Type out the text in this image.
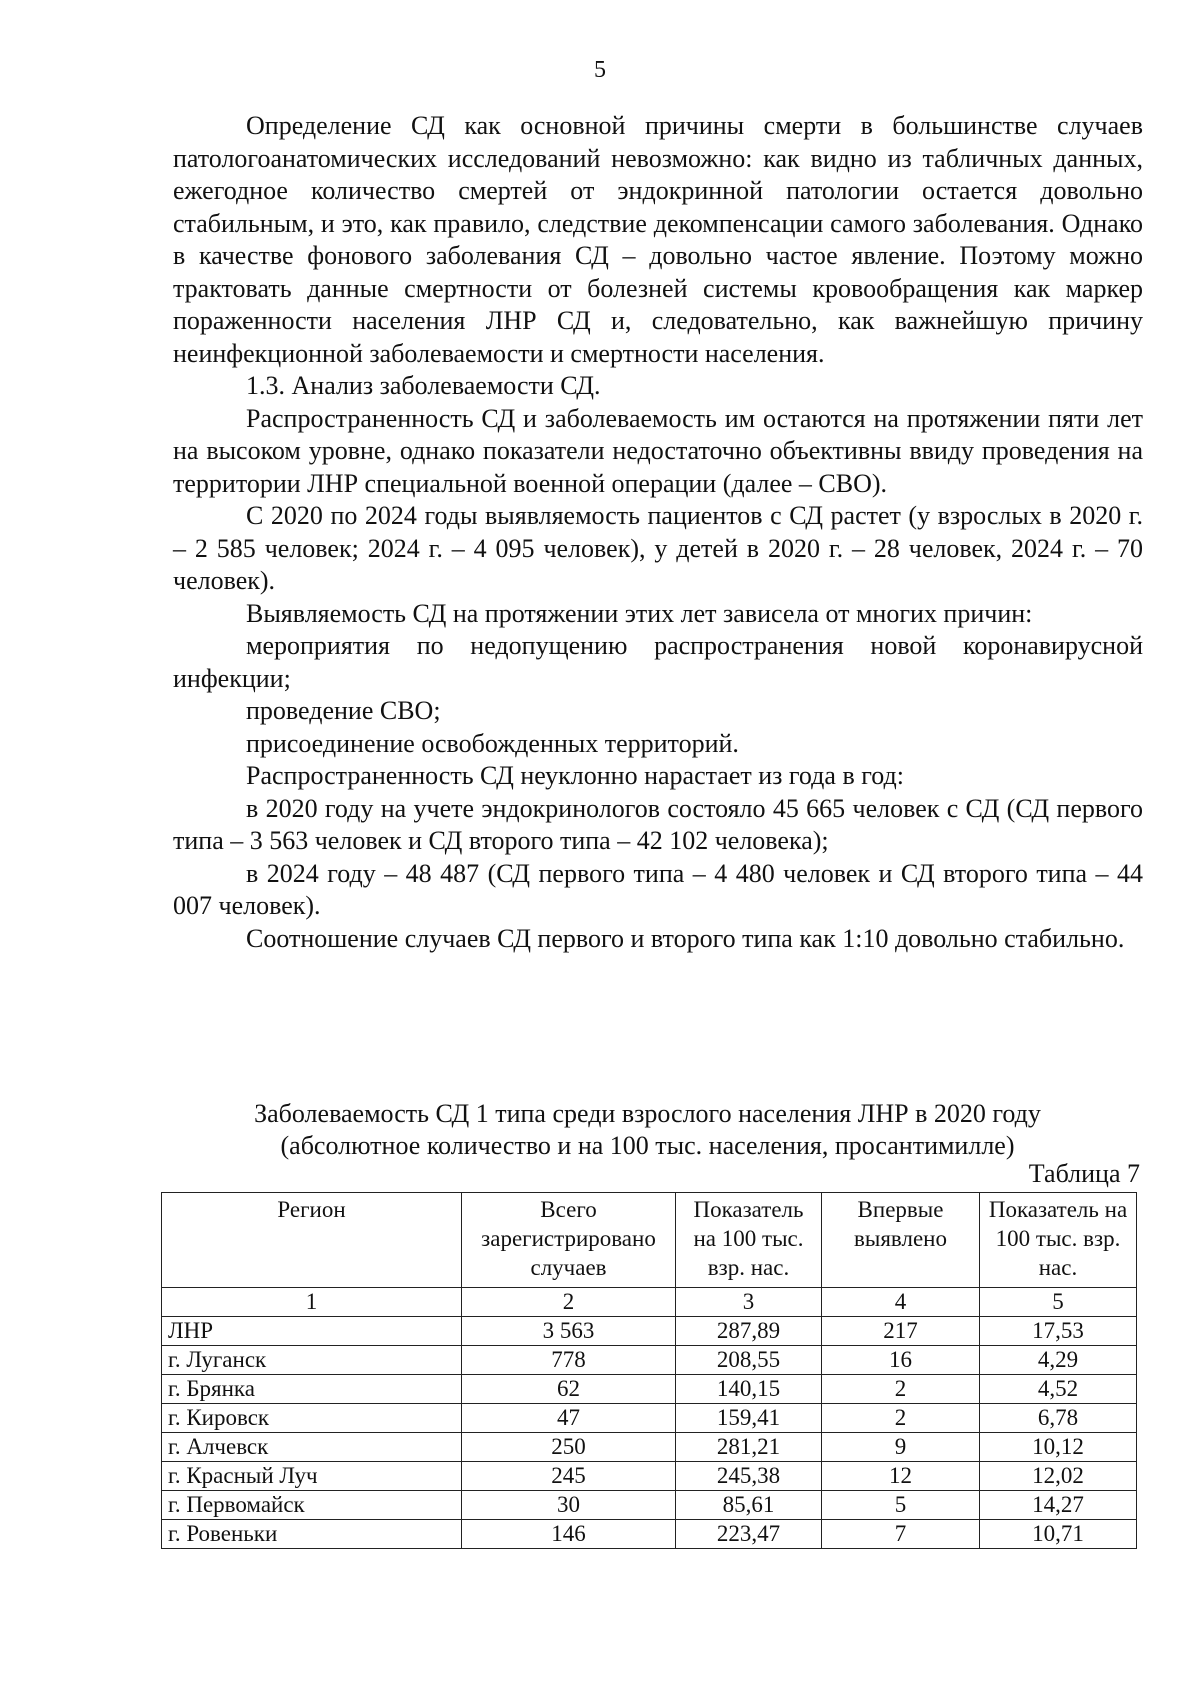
5

Определение СД как основной причины смерти в большинстве случаев патологоанатомических исследований невозможно: как видно из табличных данных, ежегодное количество смертей от эндокринной патологии остается довольно стабильным, и это, как правило, следствие декомпенсации самого заболевания. Однако в качестве фонового заболевания СД – довольно частое явление. Поэтому можно трактовать данные смертности от болезней системы кровообращения как маркер пораженности населения ЛНР СД и, следовательно, как важнейшую причину неинфекционной заболеваемости и смертности населения.

1.3. Анализ заболеваемости СД.

Распространенность СД и заболеваемость им остаются на протяжении пяти лет на высоком уровне, однако показатели недостаточно объективны ввиду проведения на территории ЛНР специальной военной операции (далее – СВО).

С 2020 по 2024 годы выявляемость пациентов с СД растет (у взрослых в 2020 г. – 2 585 человек; 2024 г. – 4 095 человек), у детей в 2020 г. – 28 человек, 2024 г. – 70 человек).

Выявляемость СД на протяжении этих лет зависела от многих причин:

мероприятия по недопущению распространения новой коронавирусной инфекции;

проведение СВО;

присоединение освобожденных территорий.

Распространенность СД неуклонно нарастает из года в год:

в 2020 году на учете эндокринологов состояло 45 665 человек с СД (СД первого типа – 3 563 человек и СД второго типа – 42 102 человека);

в 2024 году – 48 487 (СД первого типа – 4 480 человек и СД второго типа – 44 007 человек).

Соотношение случаев СД первого и второго типа как 1:10 довольно стабильно.

Заболеваемость СД 1 типа среди взрослого населения ЛНР в 2020 году
(абсолютное количество и на 100 тыс. населения, просантимилле)
Таблица 7
Регион	Всего зарегистрировано случаев	Показатель на 100 тыс. взр. нас.	Впервые выявлено	Показатель на 100 тыс. взр. нас.
1	2	3	4	5
ЛНР	3 563	287,89	217	17,53
г. Луганск	778	208,55	16	4,29
г. Брянка	62	140,15	2	4,52
г. Кировск	47	159,41	2	6,78
г. Алчевск	250	281,21	9	10,12
г. Красный Луч	245	245,38	12	12,02
г. Первомайск	30	85,61	5	14,27
г. Ровеньки	146	223,47	7	10,71
